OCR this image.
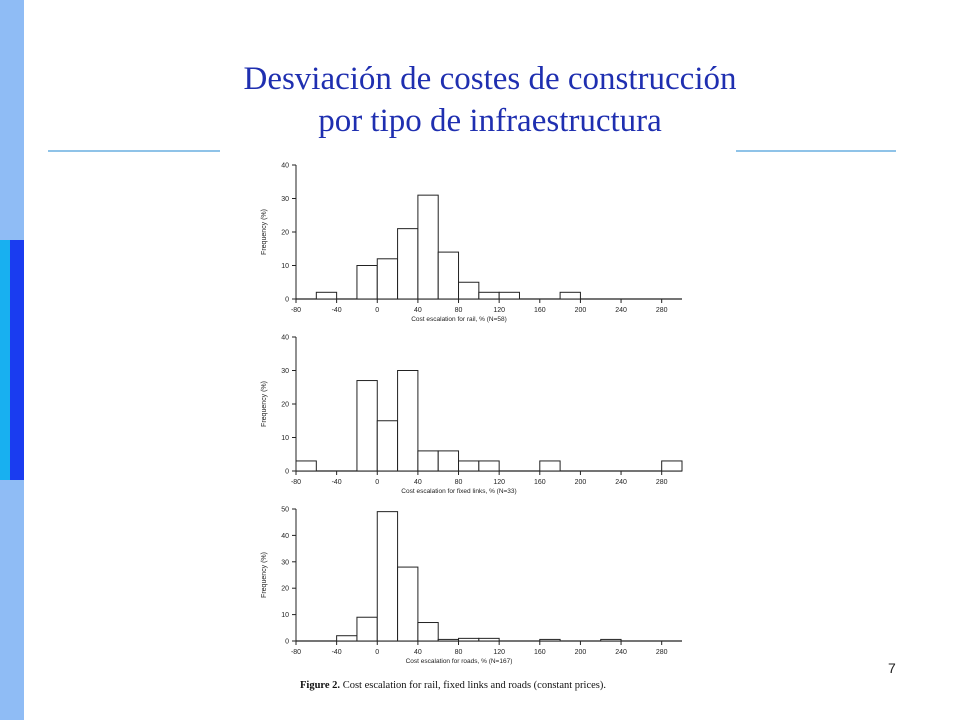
Desviación de costes de construcción
por tipo de infraestructura
0
10
20
30
40
-80	-40	0	40	80	120	160	200	240	280
Cost escalation for rail, % (N=58)
Frequency (%)
0
10
20
30
40
-80	-40	0	40	80	120	160	200	240	280
Cost escalation for fixed links, % (N=33)
Frequency (%)
0
10
20
30
40
50
-80	-40	0	40	80	120	160	200	240	280
Cost escalation for roads, % (N=167)
Frequency (%)
Figure 2. Cost escalation for rail, fixed links and roads (constant prices).
7
